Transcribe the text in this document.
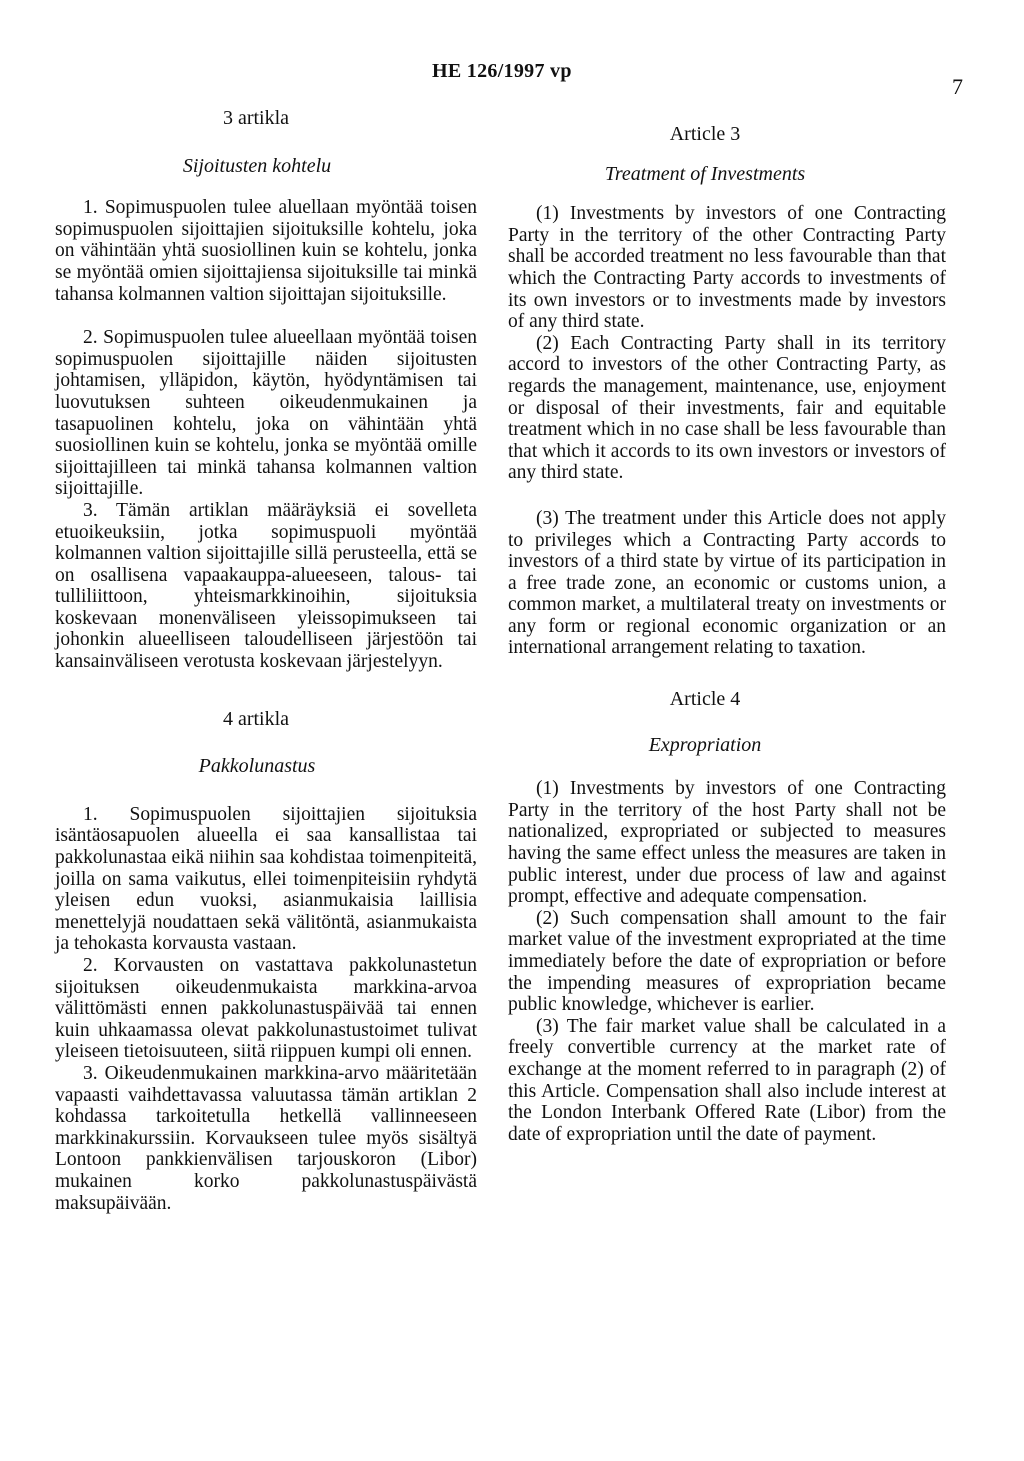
HE 126/1997 vp
7

3 artikla

Sijoitusten kohtelu

1. Sopimuspuolen tulee aluellaan myöntää toisen sopimuspuolen sijoittajien sijoituksille kohtelu, joka on vähintään yhtä suosiollinen kuin se kohtelu, jonka se myöntää omien sijoittajiensa sijoituksille tai minkä tahansa kolmannen valtion sijoittajan sijoituksille.

2. Sopimuspuolen tulee alueellaan myöntää toisen sopimuspuolen sijoittajille näiden sijoitusten johtamisen, ylläpidon, käytön, hyödyntämisen tai luovutuksen suhteen oikeudenmukainen ja tasapuolinen kohtelu, joka on vähintään yhtä suosiollinen kuin se kohtelu, jonka se myöntää omille sijoittajilleen tai minkä tahansa kolmannen valtion sijoittajille.

3. Tämän artiklan määräyksiä ei sovelleta etuoikeuksiin, jotka sopimuspuoli myöntää kolmannen valtion sijoittajille sillä perusteella, että se on osallisena vapaakauppa-alueeseen, talous- tai tulliliittoon, yhteismarkkinoihin, sijoituksia koskevaan monenväliseen yleissopimukseen tai johonkin alueelliseen taloudelliseen järjestöön tai kansainväliseen verotusta koskevaan järjestelyyn.

4 artikla

Pakkolunastus

1. Sopimuspuolen sijoittajien sijoituksia isäntäosapuolen alueella ei saa kansallistaa tai pakkolunastaa eikä niihin saa kohdistaa toimenpiteitä, joilla on sama vaikutus, ellei toimenpiteisiin ryhdytä yleisen edun vuoksi, asianmukaisia laillisia menettelyjä noudattaen sekä välitöntä, asianmukaista ja tehokasta korvausta vastaan.

2. Korvausten on vastattava pakkolunastetun sijoituksen oikeudenmukaista markkina-arvoa välittömästi ennen pakkolunastuspäivää tai ennen kuin uhkaamassa olevat pakkolunastustoimet tulivat yleiseen tietoisuuteen, siitä riippuen kumpi oli ennen.

3. Oikeudenmukainen markkina-arvo määritetään vapaasti vaihdettavassa valuutassa tämän artiklan 2 kohdassa tarkoitetulla hetkellä vallinneeseen markkinakurssiin. Korvaukseen tulee myös sisältyä Lontoon pankkienvälisen tarjouskoron (Libor) mukainen korko pakkolunastuspäivästä maksupäivään.

Article 3

Treatment of Investments

(1) Investments by investors of one Contracting Party in the territory of the other Contracting Party shall be accorded treatment no less favourable than that which the Contracting Party accords to investments of its own investors or to investments made by investors of any third state.

(2) Each Contracting Party shall in its territory accord to investors of the other Contracting Party, as regards the management, maintenance, use, enjoyment or disposal of their investments, fair and equitable treatment which in no case shall be less favourable than that which it accords to its own investors or investors of any third state.

(3) The treatment under this Article does not apply to privileges which a Contracting Party accords to investors of a third state by virtue of its participation in a free trade zone, an economic or customs union, a common market, a multilateral treaty on investments or any form or regional economic organization or an international arrangement relating to taxation.

Article 4

Expropriation

(1) Investments by investors of one Contracting Party in the territory of the host Party shall not be nationalized, expropriated or subjected to measures having the same effect unless the measures are taken in public interest, under due process of law and against prompt, effective and adequate compensation.

(2) Such compensation shall amount to the fair market value of the investment expropriated at the time immediately before the date of expropriation or before the impending measures of expropriation became public knowledge, whichever is earlier.

(3) The fair market value shall be calculated in a freely convertible currency at the market rate of exchange at the moment referred to in paragraph (2) of this Article. Compensation shall also include interest at the London Interbank Offered Rate (Libor) from the date of expropriation until the date of payment.
